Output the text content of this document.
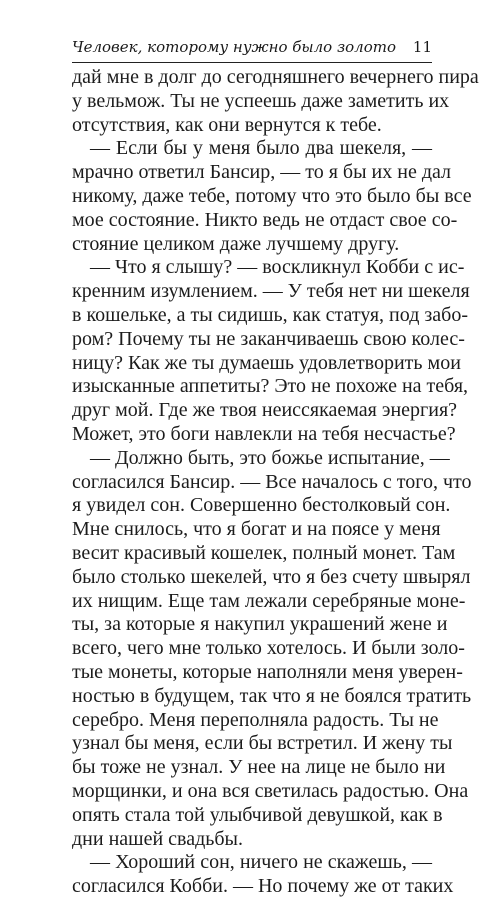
Человек, которому нужно было золото 11
дай мне в долг до сегодняшнего вечернего пира
у вельмож. Ты не успеешь даже заметить их
отсутствия, как они вернутся к тебе.
— Если бы у меня было два шекеля, —
мрачно ответил Бансир, — то я бы их не дал
никому, даже тебе, потому что это было бы все
мое состояние. Никто ведь не отдаст свое со-
стояние целиком даже лучшему другу.
— Что я слышу? — воскликнул Кобби с ис-
кренним изумлением. — У тебя нет ни шекеля
в кошельке, а ты сидишь, как статуя, под забо-
ром? Почему ты не заканчиваешь свою колес-
ницу? Как же ты думаешь удовлетворить мои
изысканные аппетиты? Это не похоже на тебя,
друг мой. Где же твоя неиссякаемая энергия?
Может, это боги навлекли на тебя несчастье?
— Должно быть, это божье испытание, —
согласился Бансир. — Все началось с того, что
я увидел сон. Совершенно бестолковый сон.
Мне снилось, что я богат и на поясе у меня
весит красивый кошелек, полный монет. Там
было столько шекелей, что я без счету швырял
их нищим. Еще там лежали серебряные моне-
ты, за которые я накупил украшений жене и
всего, чего мне только хотелось. И были золо-
тые монеты, которые наполняли меня уверен-
ностью в будущем, так что я не боялся тратить
серебро. Меня переполняла радость. Ты не
узнал бы меня, если бы встретил. И жену ты
бы тоже не узнал. У нее на лице не было ни
морщинки, и она вся светилась радостью. Она
опять стала той улыбчивой девушкой, как в
дни нашей свадьбы.
— Хороший сон, ничего не скажешь, —
согласился Кобби. — Но почему же от таких
